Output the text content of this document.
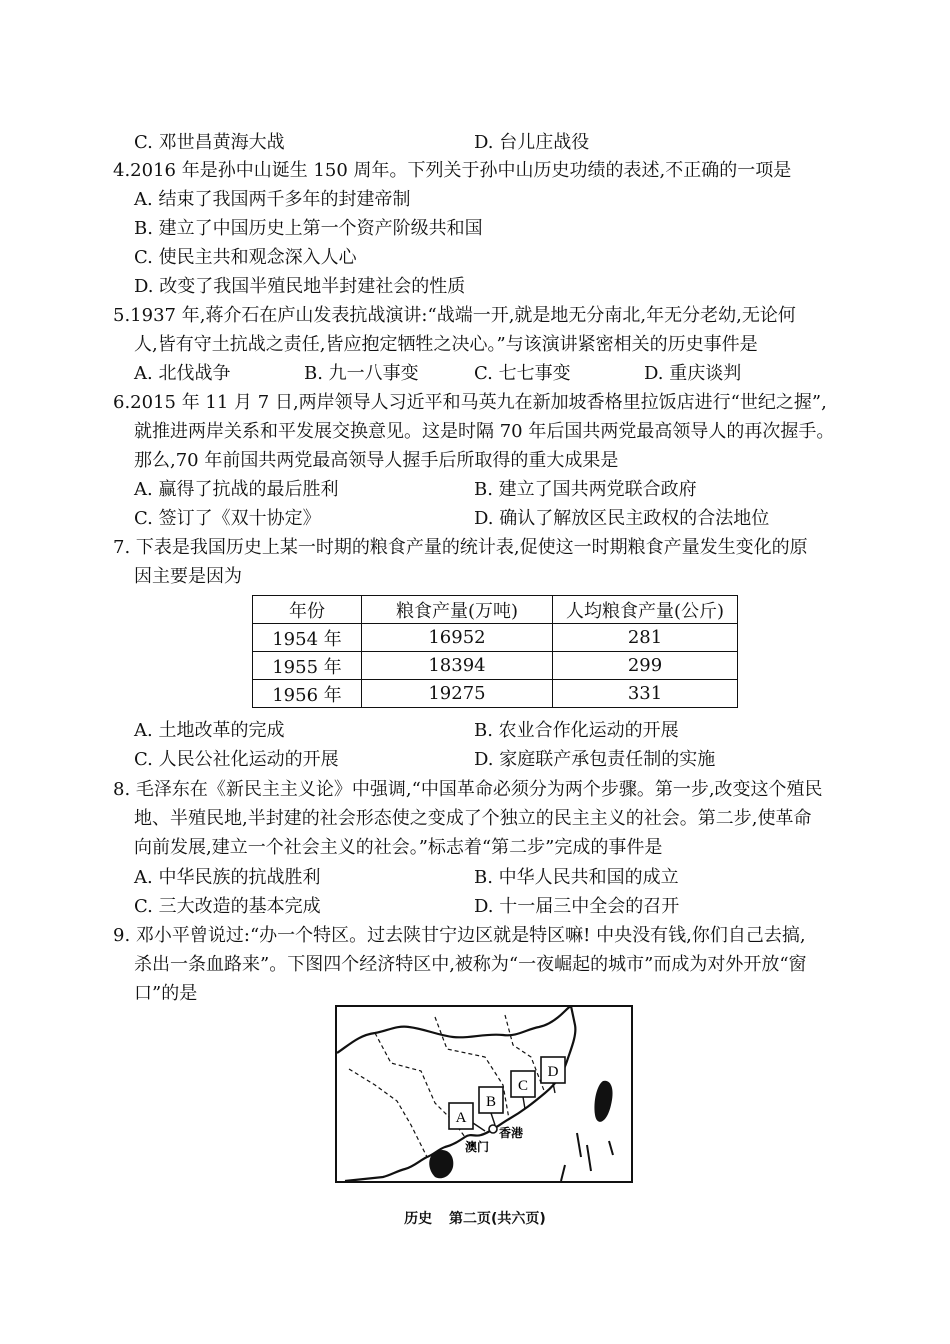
C. 邓世昌黄海大战	D. 台儿庄战役
4.2016 年是孙中山诞生 150 周年。下列关于孙中山历史功绩的表述,不正确的一项是
A. 结束了我国两千多年的封建帝制
B. 建立了中国历史上第一个资产阶级共和国
C. 使民主共和观念深入人心
D. 改变了我国半殖民地半封建社会的性质
5.1937 年,蒋介石在庐山发表抗战演讲:“战端一开,就是地无分南北,年无分老幼,无论何
人,皆有守土抗战之责任,皆应抱定牺牲之决心。”与该演讲紧密相关的历史事件是
A. 北伐战争	B. 九一八事变	C. 七七事变	D. 重庆谈判
6.2015 年 11 月 7 日,两岸领导人习近平和马英九在新加坡香格里拉饭店进行“世纪之握”,
就推进两岸关系和平发展交换意见。这是时隔 70 年后国共两党最高领导人的再次握手。
那么,70 年前国共两党最高领导人握手后所取得的重大成果是
A. 赢得了抗战的最后胜利	B. 建立了国共两党联合政府
C. 签订了《双十协定》	D. 确认了解放区民主政权的合法地位
7. 下表是我国历史上某一时期的粮食产量的统计表,促使这一时期粮食产量发生变化的原
因主要是因为
年份	粮食产量(万吨)	人均粮食产量(公斤)
1954 年	16952	281
1955 年	18394	299
1956 年	19275	331
A. 土地改革的完成	B. 农业合作化运动的开展
C. 人民公社化运动的开展	D. 家庭联产承包责任制的实施
8. 毛泽东在《新民主主义论》中强调,“中国革命必须分为两个步骤。第一步,改变这个殖民
地、半殖民地,半封建的社会形态使之变成了个独立的民主主义的社会。第二步,使革命
向前发展,建立一个社会主义的社会。”标志着“第二步”完成的事件是
A. 中华民族的抗战胜利	B. 中华人民共和国的成立
C. 三大改造的基本完成	D. 十一届三中全会的召开
9. 邓小平曾说过:“办一个特区。过去陕甘宁边区就是特区嘛! 中央没有钱,你们自己去搞,
杀出一条血路来”。下图四个经济特区中,被称为“一夜崛起的城市”而成为对外开放“窗
口”的是
A
B
C
D
香港
澳门
历史 第二页(共六页)
